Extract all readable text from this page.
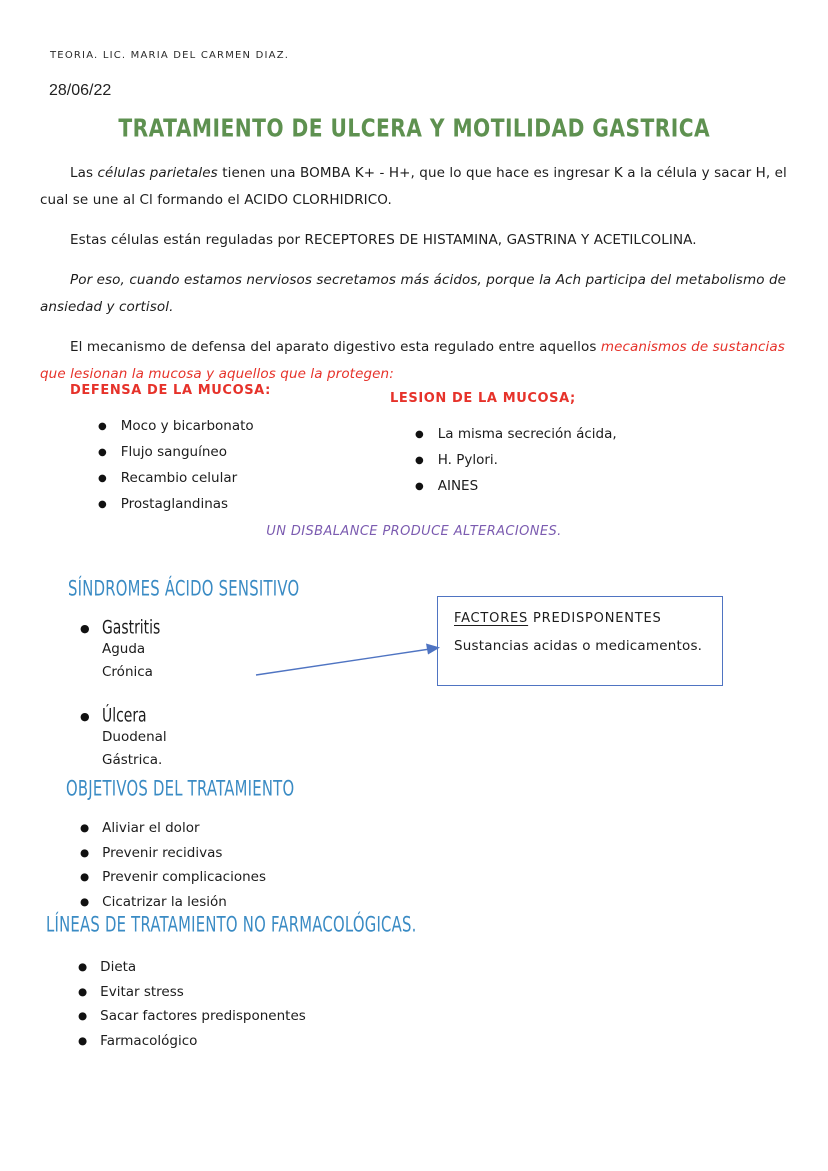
TEORIA. LIC. MARIA DEL CARMEN DIAZ.
28/06/22
TRATAMIENTO DE ULCERA Y MOTILIDAD GASTRICA

Las células parietales tienen una BOMBA K+ - H+, que lo que hace es ingresar K a la célula y sacar H, el cual se une al Cl formando el ACIDO CLORHIDRICO.

Estas células están reguladas por RECEPTORES DE HISTAMINA, GASTRINA Y ACETILCOLINA.

Por eso, cuando estamos nerviosos secretamos más ácidos, porque la Ach participa del metabolismo de ansiedad y cortisol.

El mecanismo de defensa del aparato digestivo esta regulado entre aquellos mecanismos de sustancias que lesionan la mucosa y aquellos que la protegen:

DEFENSA DE LA MUCOSA:
● Moco y bicarbonato
● Flujo sanguíneo
● Recambio celular
● Prostaglandinas
LESION DE LA MUCOSA;
● La misma secreción ácida,
● H. Pylori.
● AINES
UN DISBALANCE PRODUCE ALTERACIONES.
SÍNDROMES ÁCIDO SENSITIVO
● Gastritis
Aguda
Crónica
● Úlcera
Duodenal
Gástrica.
FACTORES PREDISPONENTES
Sustancias acidas o medicamentos.
OBJETIVOS DEL TRATAMIENTO
● Aliviar el dolor
● Prevenir recidivas
● Prevenir complicaciones
● Cicatrizar la lesión
LÍNEAS DE TRATAMIENTO NO FARMACOLÓGICAS.
● Dieta
● Evitar stress
● Sacar factores predisponentes
● Farmacológico
